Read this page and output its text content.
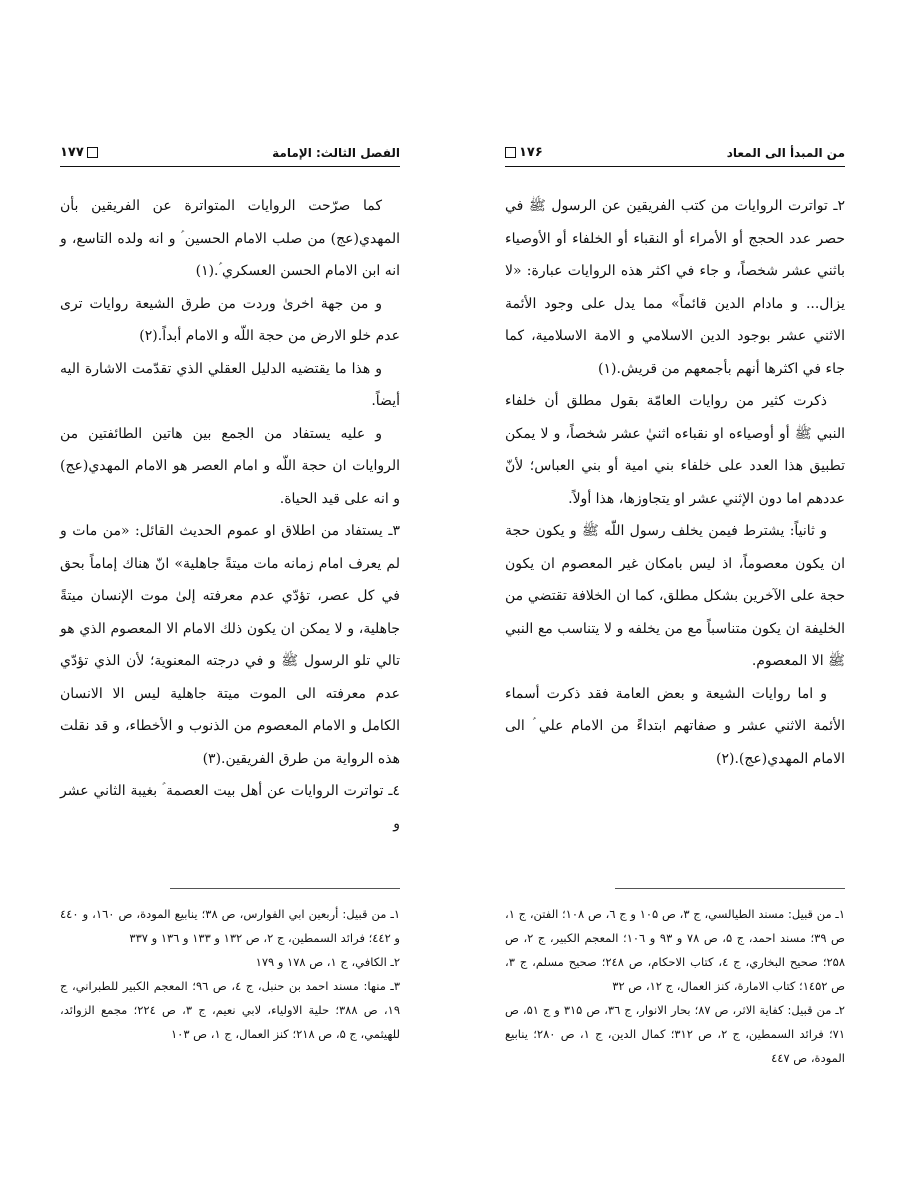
الفصل الثالث: الإمامة
۱۷۷

كما صرّحت الروايات المتواترة عن الفريقين بأن المهدي(عج) من صلب الامام الحسين ؑ و انه ولده التاسع، و انه ابن الامام الحسن العسكري ؑ.(١)

و من جهة اخرىٰ وردت من طرق الشيعة روايات ترى عدم خلو الارض من حجة اللّه و الامام أبداً.(٢)

و هذا ما يقتضيه الدليل العقلي الذي تقدّمت الاشارة اليه أيضاً.

و عليه يستفاد من الجمع بين هاتين الطائفتين من الروايات ان حجة اللّه و امام العصر هو الامام المهدي(عج) و انه على قيد الحياة.

۳ـ يستفاد من اطلاق او عموم الحديث القائل: «من مات و لم يعرف امام زمانه مات ميتةً جاهلية» انّ هناك إماماً بحق في كل عصر، تؤدّي عدم معرفته إلىٰ موت الإنسان ميتةً جاهلية، و لا يمكن ان يكون ذلك الامام الا المعصوم الذي هو تالي تلو الرسول ﷺ و في درجته المعنوية؛ لأن الذي تؤدّي عدم معرفته الى الموت ميتة جاهلية ليس الا الانسان الكامل و الامام المعصوم من الذنوب و الأخطاء، و قد نقلت هذه الرواية من طرق الفريقين.(٣)

٤ـ تواترت الروايات عن أهل بيت العصمة ؑ بغيبة الثاني عشر و

۱ـ من قبيل: أربعين ابي الفوارس، ص ۳۸؛ ينابيع المودة، ص ۱٦۰، و ٤٤۰ و ٤٤۲؛ فرائد السمطين، ج ۲، ص ۱۳۲ و ۱۳۳ و ۱۳٦ و ۳۳۷

۲ـ الكافي، ج ۱، ص ۱۷۸ و ۱۷۹

۳ـ منها: مسند احمد بن حنبل، ج ٤، ص ۹٦؛ المعجم الكبير للطبراني، ج ۱۹، ص ۳۸۸؛ حلية الاولياء، لابي نعيم، ج ۳، ص ۲۲٤؛ مجمع الزوائد، للهيثمي، ج ۵، ص ۲۱۸؛ كنز العمال، ج ۱، ص ۱۰۳

من المبدأ الى المعاد
۱۷۶

۲ـ تواترت الروايات من كتب الفريقين عن الرسول ﷺ في حصر عدد الحجج أو الأمراء أو النقباء أو الخلفاء أو الأوصياء باثني عشر شخصاً، و جاء في اكثر هذه الروايات عبارة: «لا يزال... و مادام الدين قائماً» مما يدل على وجود الأئمة الاثني عشر بوجود الدين الاسلامي و الامة الاسلامية، كما جاء في اكثرها أنهم بأجمعهم من قريش.(١)

ذكرت كثير من روايات العامّة بقول مطلق أن خلفاء النبي ﷺ أو أوصياءه او نقباءه اثنيٰ عشر شخصاً، و لا يمكن تطبيق هذا العدد على خلفاء بني امية أو بني العباس؛ لأنّ عددهم اما دون الإثني عشر او يتجاوزها، هذا أولاً.

و ثانياً: يشترط فيمن يخلف رسول اللّه ﷺ و يكون حجة ان يكون معصوماً، اذ ليس بامكان غير المعصوم ان يكون حجة على الآخرين بشكل مطلق، كما ان الخلافة تقتضي من الخليفة ان يكون متناسباً مع من يخلفه و لا يتناسب مع النبي ﷺ الا المعصوم.

و اما روايات الشيعة و بعض العامة فقد ذكرت أسماء الأئمة الاثني عشر و صفاتهم ابتداءً من الامام علي ؑ الى الامام المهدي(عج).(٢)

۱ـ من قبيل: مسند الطيالسي، ج ۳، ص ۱۰۵ و ج ٦، ص ۱۰۸؛ الفتن، ج ۱، ص ۳۹؛ مسند احمد، ج ۵، ص ۷۸ و ۹۳ و ۱۰٦؛ المعجم الكبير، ج ۲، ص ۲۵۸؛ صحيح البخاري، ج ٤، كتاب الاحكام، ص ۲٤۸؛ صحيح مسلم، ج ۳، ص ۱٤۵۲؛ كتاب الامارة، كنز العمال، ج ۱۲، ص ۳۲

۲ـ من قبيل: كفاية الاثر، ص ۸۷؛ بحار الانوار، ج ۳٦، ص ۳۱۵ و ج ۵۱، ص ۷۱؛ فرائد السمطين، ج ۲، ص ۳۱۲؛ كمال الدين، ج ۱، ص ۲۸۰؛ ينابيع المودة، ص ٤٤۷
